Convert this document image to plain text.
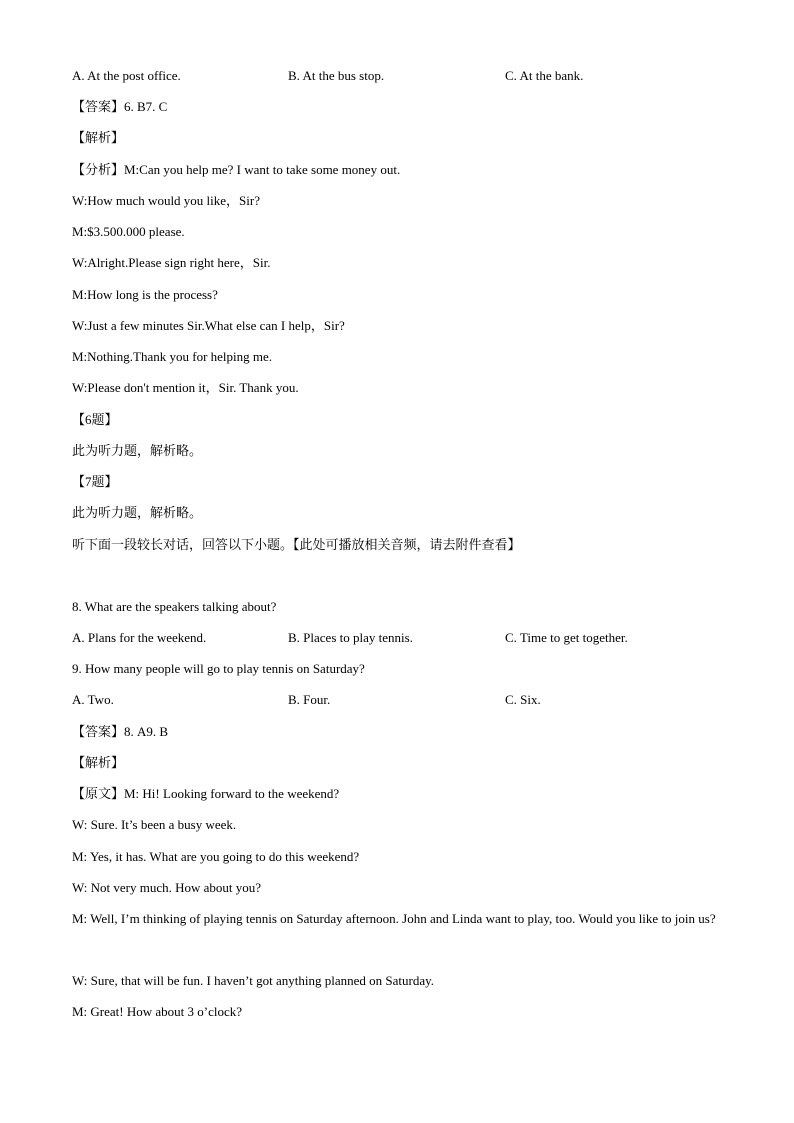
A. At the post office.	B. At the bus stop.	C. At the bank.
【答案】6. B7. C
【解析】
【分析】M:Can you help me? I want to take some money out.
W:How much would you like，Sir?
M:$3.500.000 please.
W:Alright.Please sign right here，Sir.
M:How long is the process?
W:Just a few minutes Sir.What else can I help，Sir?
M:Nothing.Thank you for helping me.
W:Please don't mention it，Sir. Thank you.
【6题】
此为听力题，解析略。
【7题】
此为听力题，解析略。
听下面一段较长对话，回答以下小题。【此处可播放相关音频，请去附件查看】
8. What are the speakers talking about?
A. Plans for the weekend.	B. Places to play tennis.	C. Time to get together.
9. How many people will go to play tennis on Saturday?
A. Two.	B. Four.	C. Six.
【答案】8. A9. B
【解析】
【原文】M: Hi! Looking forward to the weekend?
W: Sure. It’s been a busy week.
M: Yes, it has. What are you going to do this weekend?
W: Not very much. How about you?
M: Well, I’m thinking of playing tennis on Saturday afternoon. John and Linda want to play, too. Would you like to join us?
W: Sure, that will be fun. I haven’t got anything planned on Saturday.
M: Great! How about 3 o’clock?
